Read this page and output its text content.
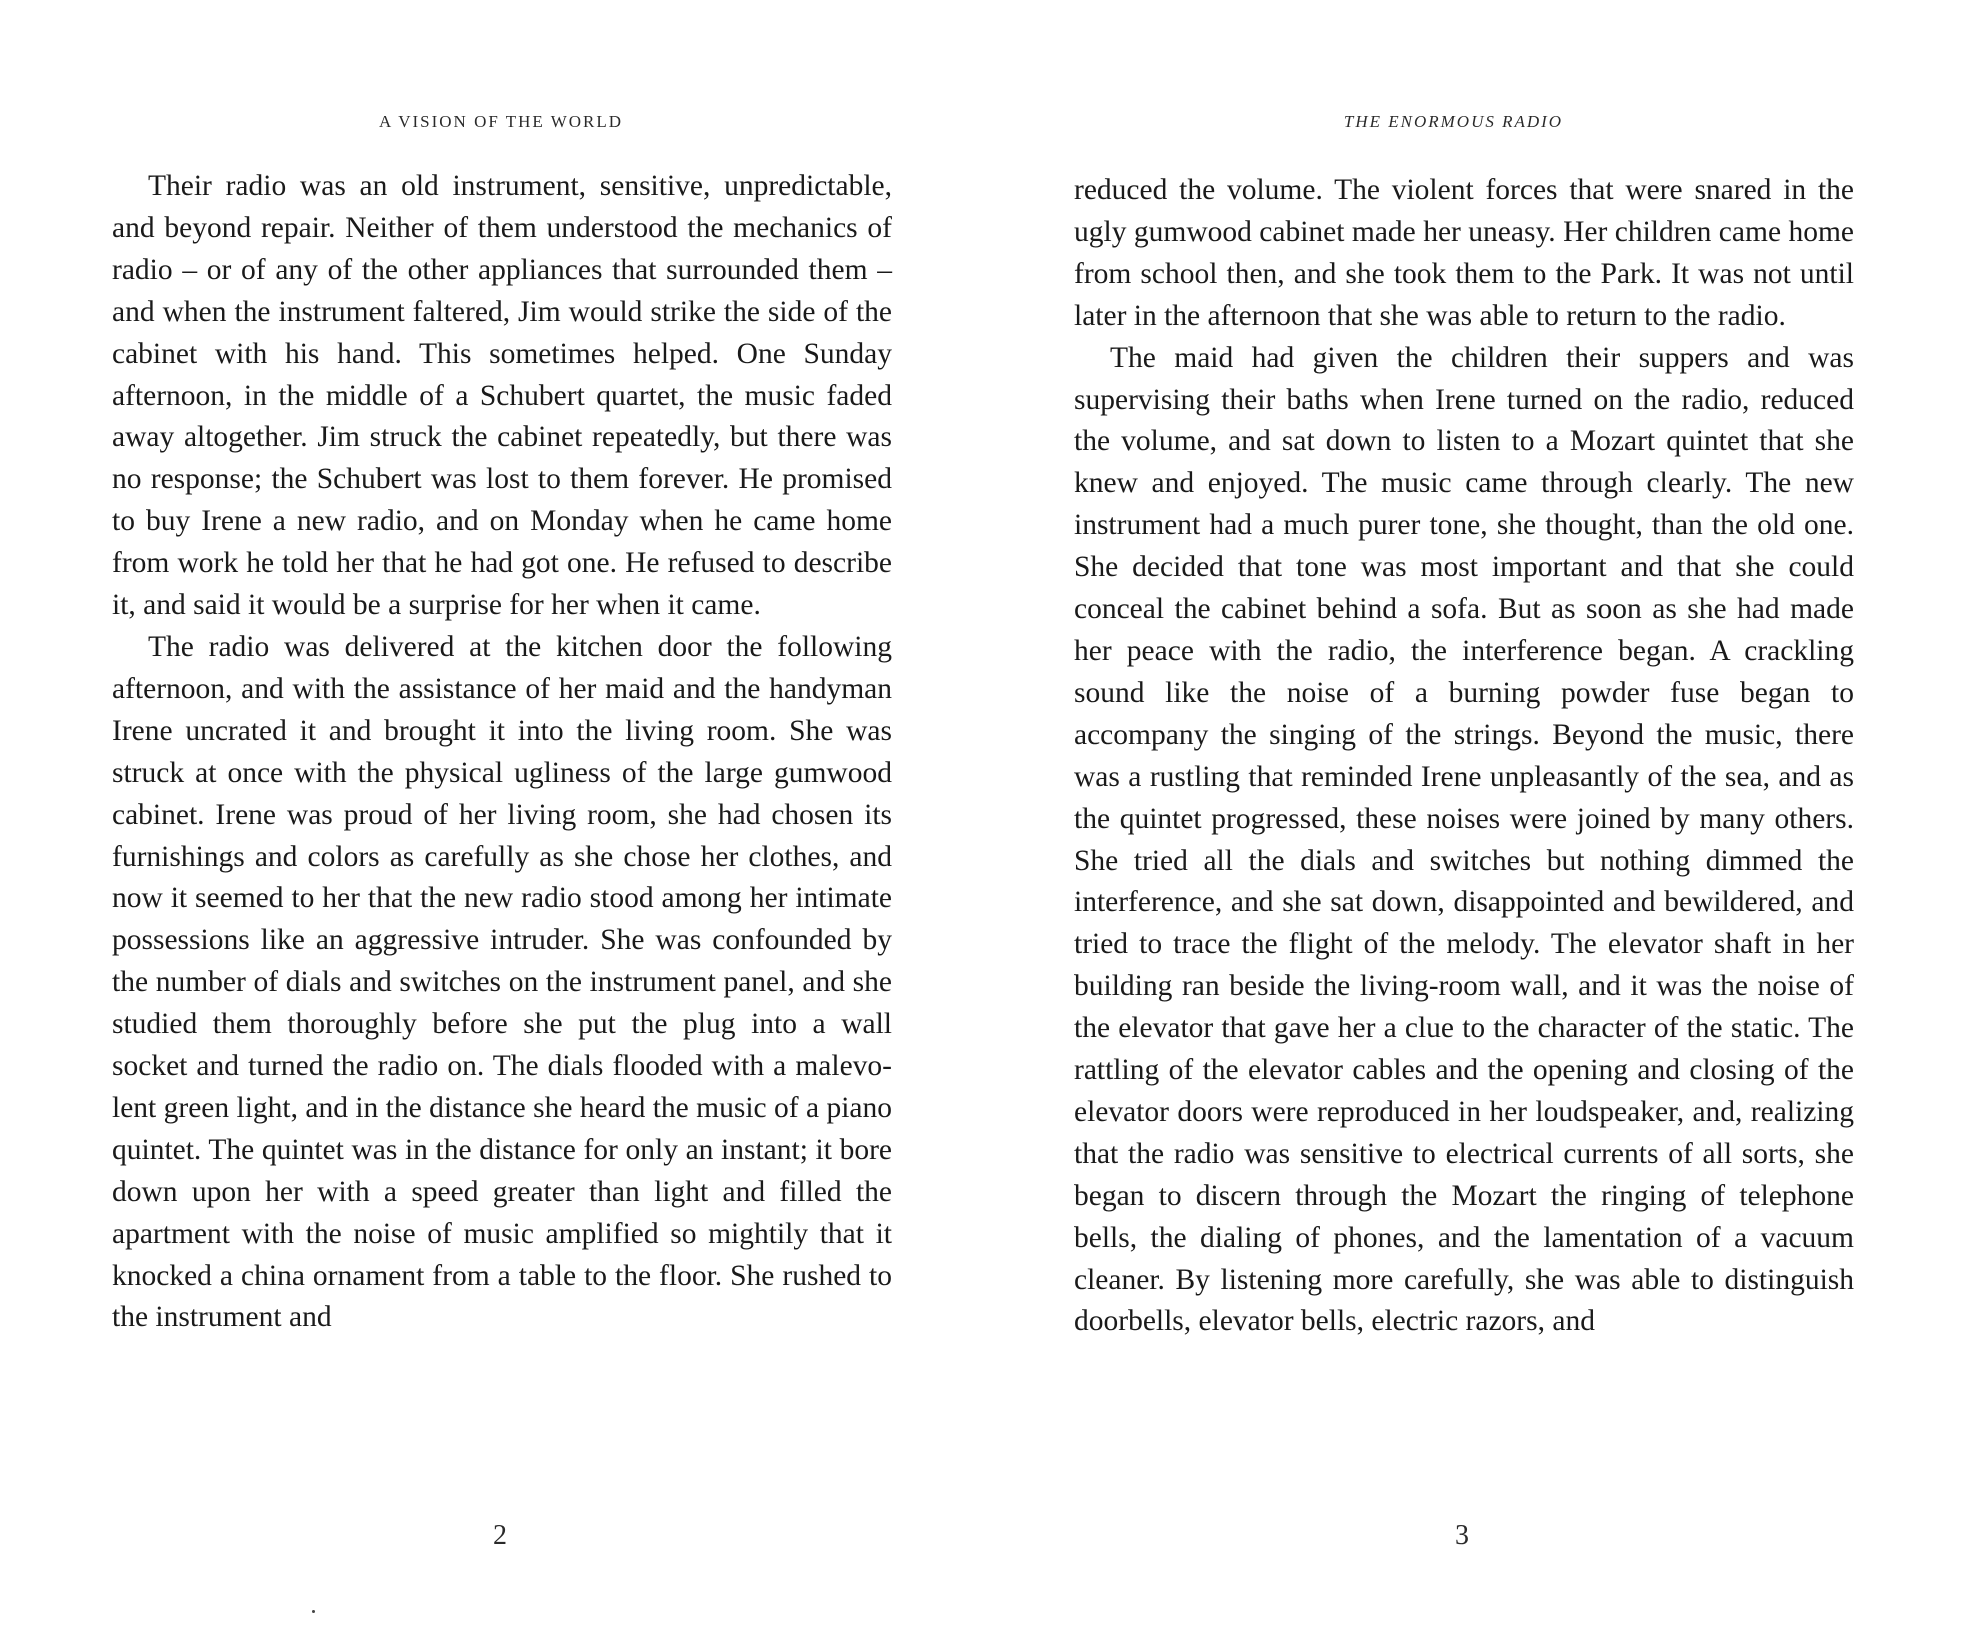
A VISION OF THE WORLD

Their radio was an old instrument, sensitive, unpredictable, and beyond repair. Neither of them understood the mechanics of radio – or of any of the other appliances that surrounded them – and when the instrument faltered, Jim would strike the side of the cabinet with his hand. This sometimes helped. One Sunday afternoon, in the middle of a Schubert quartet, the music faded away altogether. Jim struck the cabinet repeatedly, but there was no response; the Schubert was lost to them forever. He promised to buy Irene a new radio, and on Monday when he came home from work he told her that he had got one. He refused to describe it, and said it would be a surprise for her when it came.

The radio was delivered at the kitchen door the following afternoon, and with the assistance of her maid and the handyman Irene uncrated it and brought it into the living room. She was struck at once with the physical ugliness of the large gumwood cabinet. Irene was proud of her living room, she had chosen its furnishings and colors as carefully as she chose her clothes, and now it seemed to her that the new radio stood among her intimate possessions like an aggressive intruder. She was confounded by the number of dials and switches on the instrument panel, and she studied them thoroughly before she put the plug into a wall socket and turned the radio on. The dials flooded with a malevolent green light, and in the distance she heard the music of a piano quintet. The quintet was in the distance for only an instant; it bore down upon her with a speed greater than light and filled the apartment with the noise of music amplified so mightily that it knocked a china ornament from a table to the floor. She rushed to the instrument and

2
THE ENORMOUS RADIO

reduced the volume. The violent forces that were snared in the ugly gumwood cabinet made her uneasy. Her children came home from school then, and she took them to the Park. It was not until later in the afternoon that she was able to return to the radio.

The maid had given the children their suppers and was supervising their baths when Irene turned on the radio, reduced the volume, and sat down to listen to a Mozart quintet that she knew and enjoyed. The music came through clearly. The new instrument had a much purer tone, she thought, than the old one. She decided that tone was most important and that she could conceal the cabinet behind a sofa. But as soon as she had made her peace with the radio, the interference began. A crackling sound like the noise of a burning powder fuse began to accompany the singing of the strings. Beyond the music, there was a rustling that reminded Irene unpleasantly of the sea, and as the quintet progressed, these noises were joined by many others. She tried all the dials and switches but nothing dimmed the interference, and she sat down, disappointed and bewildered, and tried to trace the flight of the melody. The elevator shaft in her building ran beside the living-room wall, and it was the noise of the elevator that gave her a clue to the character of the static. The rattling of the elevator cables and the opening and closing of the elevator doors were reproduced in her loudspeaker, and, realizing that the radio was sensitive to electrical currents of all sorts, she began to discern through the Mozart the ringing of telephone bells, the dialing of phones, and the lamentation of a vacuum cleaner. By listening more carefully, she was able to distinguish doorbells, elevator bells, electric razors, and

3
